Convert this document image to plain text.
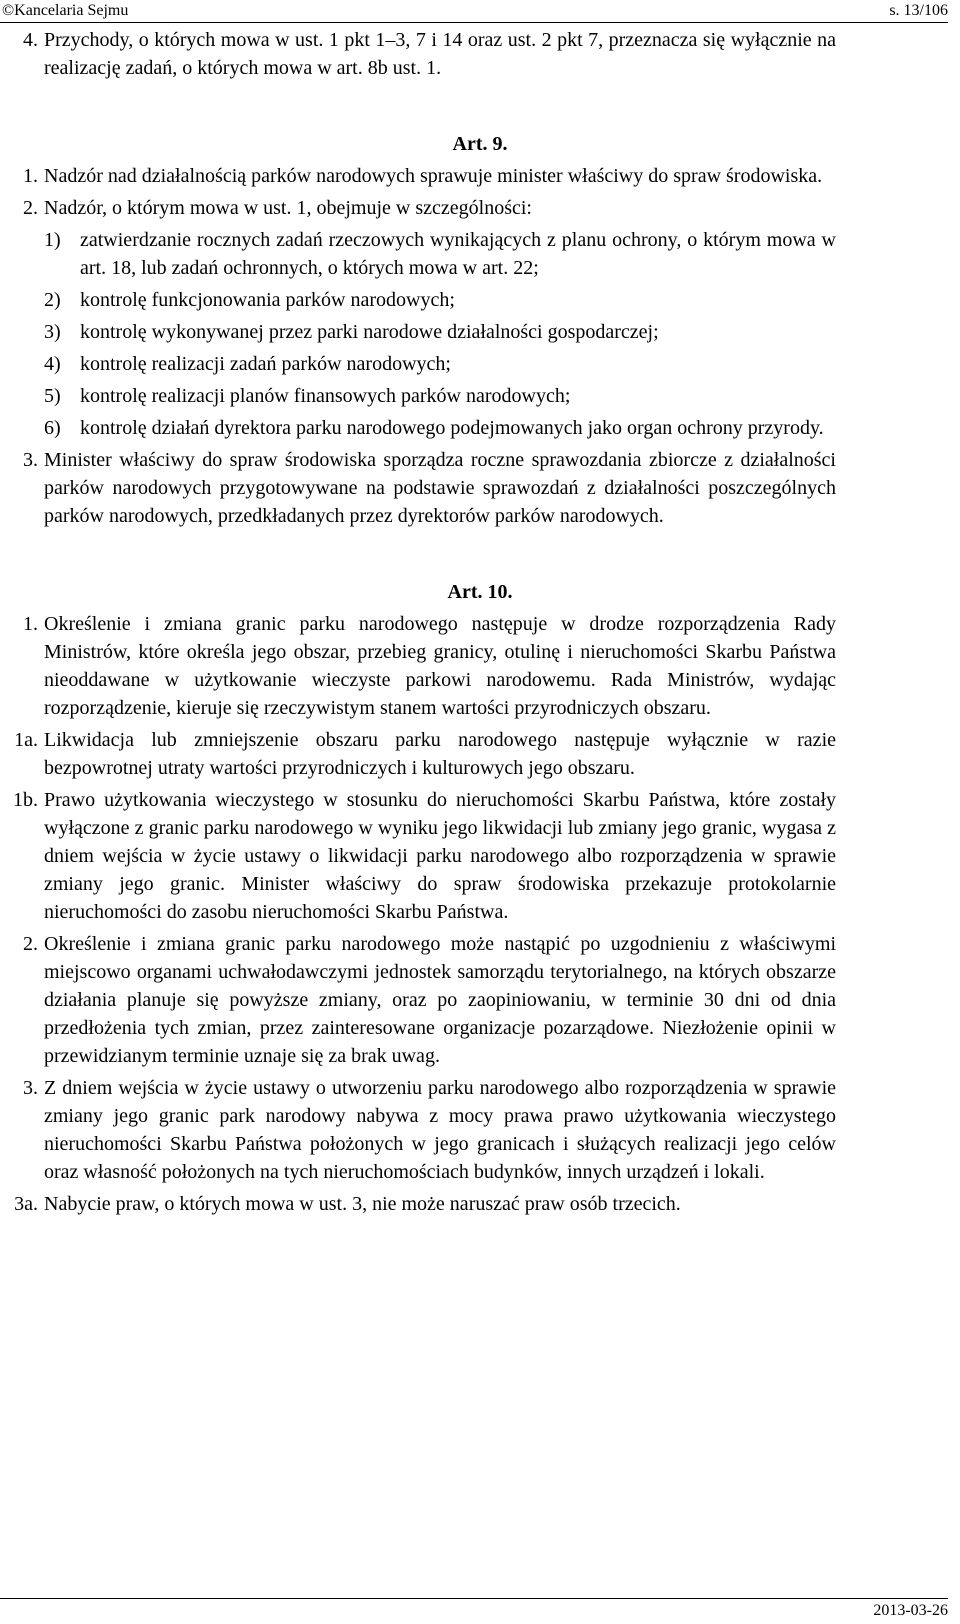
©Kancelaria Sejmu	s. 13/106
4. Przychody, o których mowa w ust. 1 pkt 1–3, 7 i 14 oraz ust. 2 pkt 7, przeznacza się wyłącznie na realizację zadań, o których mowa w art. 8b ust. 1.
Art. 9.
1. Nadzór nad działalnością parków narodowych sprawuje minister właściwy do spraw środowiska.
2. Nadzór, o którym mowa w ust. 1, obejmuje w szczególności:
1) zatwierdzanie rocznych zadań rzeczowych wynikających z planu ochrony, o którym mowa w art. 18, lub zadań ochronnych, o których mowa w art. 22;
2) kontrolę funkcjonowania parków narodowych;
3) kontrolę wykonywanej przez parki narodowe działalności gospodarczej;
4) kontrolę realizacji zadań parków narodowych;
5) kontrolę realizacji planów finansowych parków narodowych;
6) kontrolę działań dyrektora parku narodowego podejmowanych jako organ ochrony przyrody.
3. Minister właściwy do spraw środowiska sporządza roczne sprawozdania zbiorcze z działalności parków narodowych przygotowywane na podstawie sprawozdań z działalności poszczególnych parków narodowych, przedkładanych przez dyrektorów parków narodowych.
Art. 10.
1. Określenie i zmiana granic parku narodowego następuje w drodze rozporządzenia Rady Ministrów, które określa jego obszar, przebieg granicy, otulinę i nieruchomości Skarbu Państwa nieoddawane w użytkowanie wieczyste parkowi narodowemu. Rada Ministrów, wydając rozporządzenie, kieruje się rzeczywistym stanem wartości przyrodniczych obszaru.
1a. Likwidacja lub zmniejszenie obszaru parku narodowego następuje wyłącznie w razie bezpowrotnej utraty wartości przyrodniczych i kulturowych jego obszaru.
1b. Prawo użytkowania wieczystego w stosunku do nieruchomości Skarbu Państwa, które zostały wyłączone z granic parku narodowego w wyniku jego likwidacji lub zmiany jego granic, wygasa z dniem wejścia w życie ustawy o likwidacji parku narodowego albo rozporządzenia w sprawie zmiany jego granic. Minister właściwy do spraw środowiska przekazuje protokolarnie nieruchomości do zasobu nieruchomości Skarbu Państwa.
2. Określenie i zmiana granic parku narodowego może nastąpić po uzgodnieniu z właściwymi miejscowo organami uchwałodawczymi jednostek samorządu terytorialnego, na których obszarze działania planuje się powyższe zmiany, oraz po zaopiniowaniu, w terminie 30 dni od dnia przedłożenia tych zmian, przez zainteresowane organizacje pozarządowe. Niezłożenie opinii w przewidzianym terminie uznaje się za brak uwag.
3. Z dniem wejścia w życie ustawy o utworzeniu parku narodowego albo rozporządzenia w sprawie zmiany jego granic park narodowy nabywa z mocy prawa prawo użytkowania wieczystego nieruchomości Skarbu Państwa położonych w jego granicach i służących realizacji jego celów oraz własność położonych na tych nieruchomościach budynków, innych urządzeń i lokali.
3a. Nabycie praw, o których mowa w ust. 3, nie może naruszać praw osób trzecich.
2013-03-26
